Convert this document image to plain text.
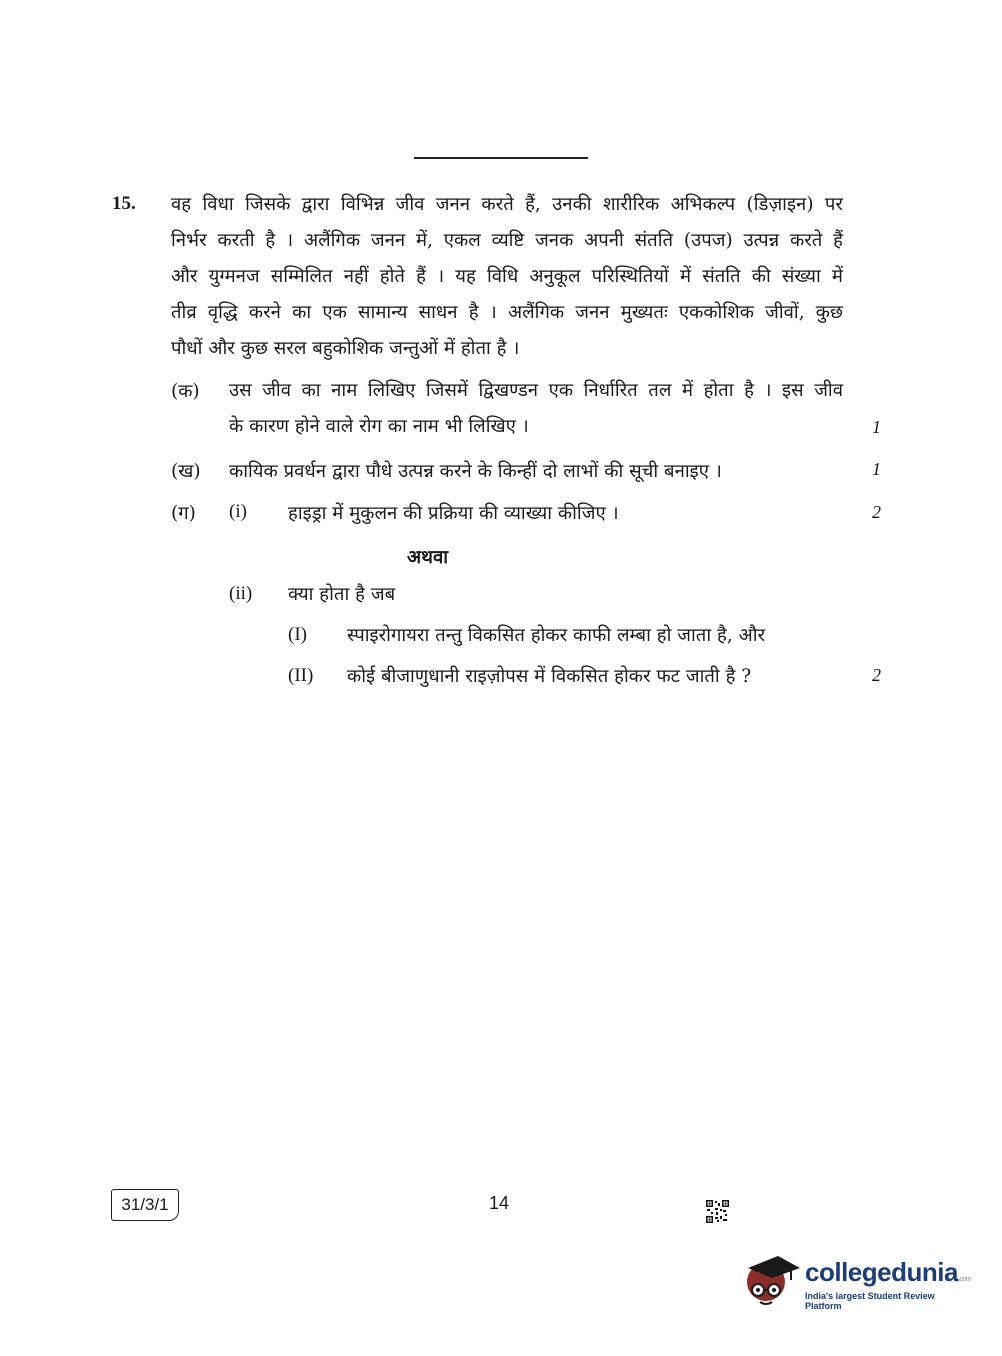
15. वह विधा जिसके द्वारा विभिन्न जीव जनन करते हैं, उनकी शारीरिक अभिकल्प (डिज़ाइन) पर
निर्भर करती है । अलैंगिक जनन में, एकल व्यष्टि जनक अपनी संतति (उपज) उत्पन्न करते हैं
और युग्मनज सम्मिलित नहीं होते हैं । यह विधि अनुकूल परिस्थितियों में संतति की संख्या में
तीव्र वृद्धि करने का एक सामान्य साधन है । अलैंगिक जनन मुख्यतः एककोशिक जीवों, कुछ
पौधों और कुछ सरल बहुकोशिक जन्तुओं में होता है ।
(क) उस जीव का नाम लिखिए जिसमें द्विखण्डन एक निर्धारित तल में होता है । इस जीव
के कारण होने वाले रोग का नाम भी लिखिए ।	1
(ख) कायिक प्रवर्धन द्वारा पौधे उत्पन्न करने के किन्हीं दो लाभों की सूची बनाइए ।	1
(ग) (i) हाइड्रा में मुकुलन की प्रक्रिया की व्याख्या कीजिए ।	2
अथवा
(ii) क्या होता है जब
(I) स्पाइरोगायरा तन्तु विकसित होकर काफी लम्बा हो जाता है, और
(II) कोई बीजाणुधानी राइज़ोपस में विकसित होकर फट जाती है ?	2
31/3/1	14
collegedunia.com
India's largest Student Review Platform
